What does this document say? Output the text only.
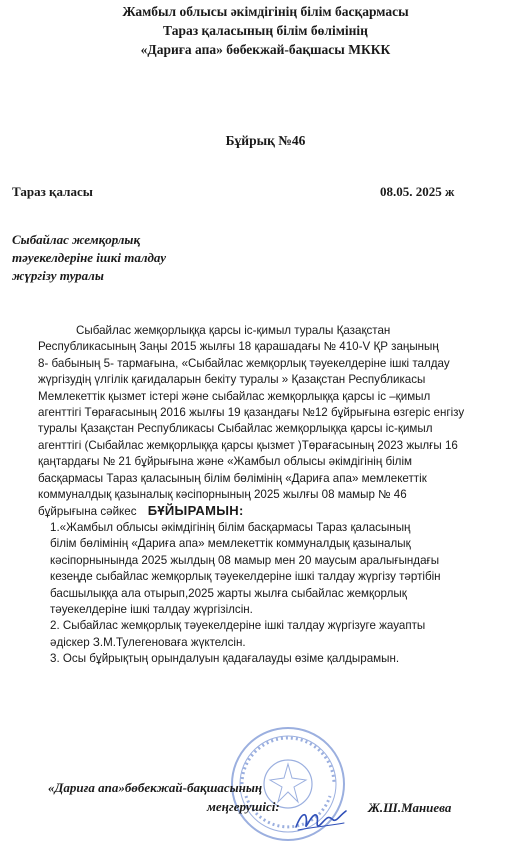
Жамбыл облысы әкімдігінің білім басқармасы
Тараз қаласының білім бөлімінің
«Дариға апа» бөбекжай-бақшасы МККК
Бұйрық №46
Тараз қаласы	08.05. 2025 ж
Сыбайлас жемқорлық
тәуекелдеріне ішкі талдау
жүргізу туралы
Сыбайлас жемқорлыққа қарсы іс-қимыл туралы Қазақстан
Республикасының Заңы 2015 жылғы 18 қарашадағы № 410-V ҚР заңының
8- бабының 5- тармағына, «Сыбайлас жемқорлық тәуекелдеріне ішкі талдау
жүргізудің үлгілік қағидаларын бекіту туралы » Қазақстан Республикасы
Мемлекеттік қызмет істері және сыбайлас жемқорлыққа қарсы іс –қимыл
агенттігі Төрағасының 2016 жылғы 19 қазандағы №12 бұйрығына өзгеріс енгізу
туралы Қазақстан Республикасы Сыбайлас жемқорлыққа қарсы іс-қимыл
агенттігі (Сыбайлас жемқорлыққа қарсы қызмет )Төрағасының 2023 жылғы 16
қаңтардағы № 21 бұйрығына және «Жамбыл облысы әкімдігінің білім
басқармасы Тараз қаласының білім бөлімінің «Дариға апа» мемлекеттік
коммуналдық қазыналық кәсіпорнының 2025 жылғы 08 мамыр № 46
бұйрығына сәйкес БҰЙЫРАМЫН:
1.«Жамбыл облысы әкімдігінің білім басқармасы Тараз қаласының
білім бөлімінің «Дариға апа» мемлекеттік коммуналдық қазыналық
кәсіпорнынында 2025 жылдың 08 мамыр мен 20 маусым аралығындағы
кезеңде сыбайлас жемқорлық тәуекелдеріне ішкі талдау жүргізу тәртібін
басшылыққа ала отырып,2025 жарты жылға сыбайлас жемқорлық
тәуекелдеріне ішкі талдау жүргізілсін.
2. Сыбайлас жемқорлық тәуекелдеріне ішкі талдау жүргізуге жауапты
әдіскер З.М.Тулегеновағa жүктелсін.
3. Осы бұйрықтың орындалуын қадағалауды өзіме қалдырамын.
«Дариға апа»бөбекжай-бақшасының
меңгерушісі:	Ж.Ш.Маниева
